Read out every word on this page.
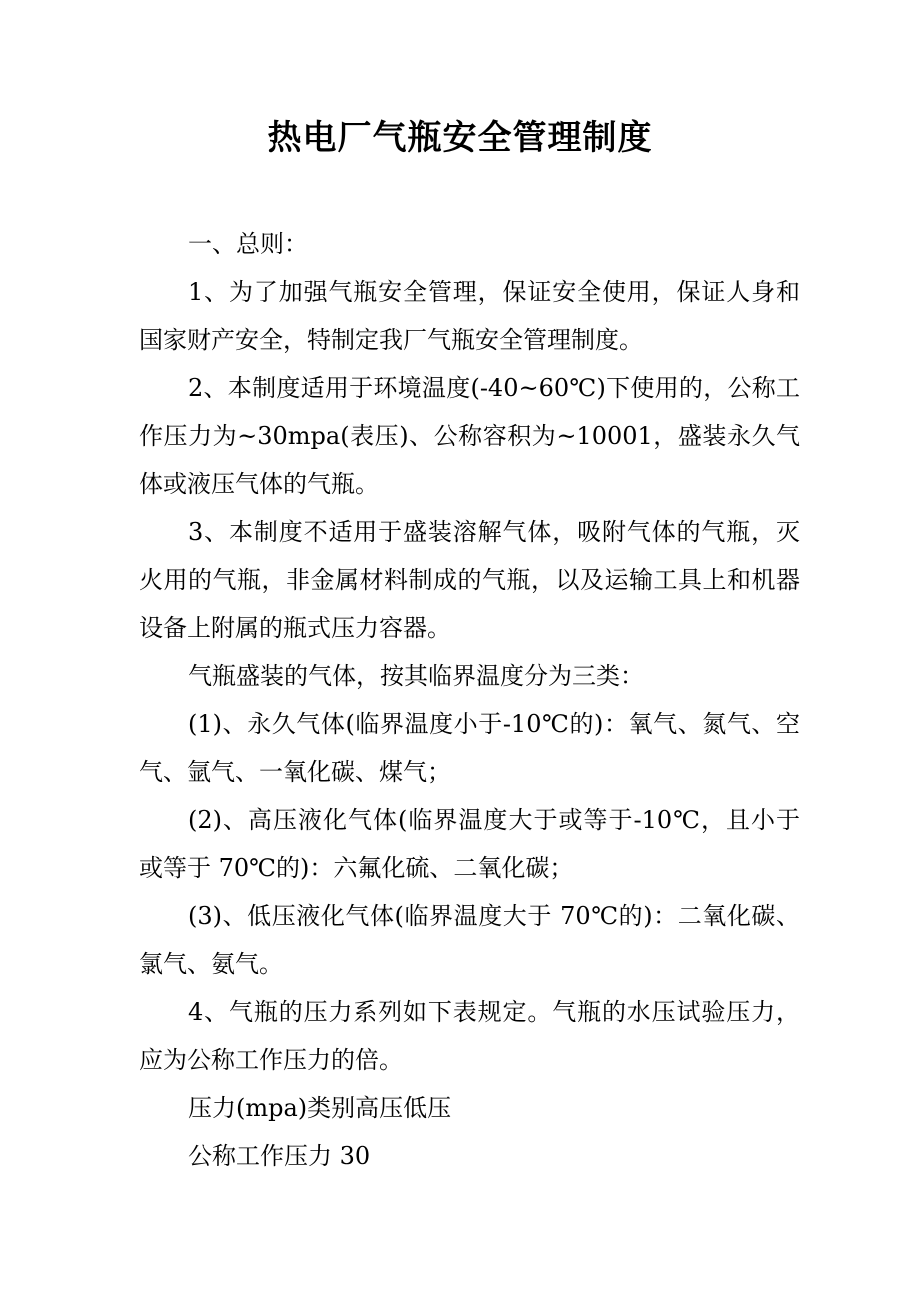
热电厂气瓶安全管理制度

一、总则：

1、为了加强气瓶安全管理，保证安全使用，保证人身和国家财产安全，特制定我厂气瓶安全管理制度。

2、本制度适用于环境温度(-40~60℃)下使用的，公称工作压力为~30mpa(表压)、公称容积为~10001，盛装永久气体或液压气体的气瓶。

3、本制度不适用于盛装溶解气体，吸附气体的气瓶，灭火用的气瓶，非金属材料制成的气瓶，以及运输工具上和机器设备上附属的瓶式压力容器。

气瓶盛装的气体，按其临界温度分为三类：

(1)、永久气体(临界温度小于-10℃的)：氧气、氮气、空气、氩气、一氧化碳、煤气；

(2)、高压液化气体(临界温度大于或等于-10℃，且小于或等于 70℃的)：六氟化硫、二氧化碳；

(3)、低压液化气体(临界温度大于 70℃的)：二氧化碳、氯气、氨气。

4、气瓶的压力系列如下表规定。气瓶的水压试验压力，应为公称工作压力的倍。

压力(mpa)类别高压低压

公称工作压力 30
